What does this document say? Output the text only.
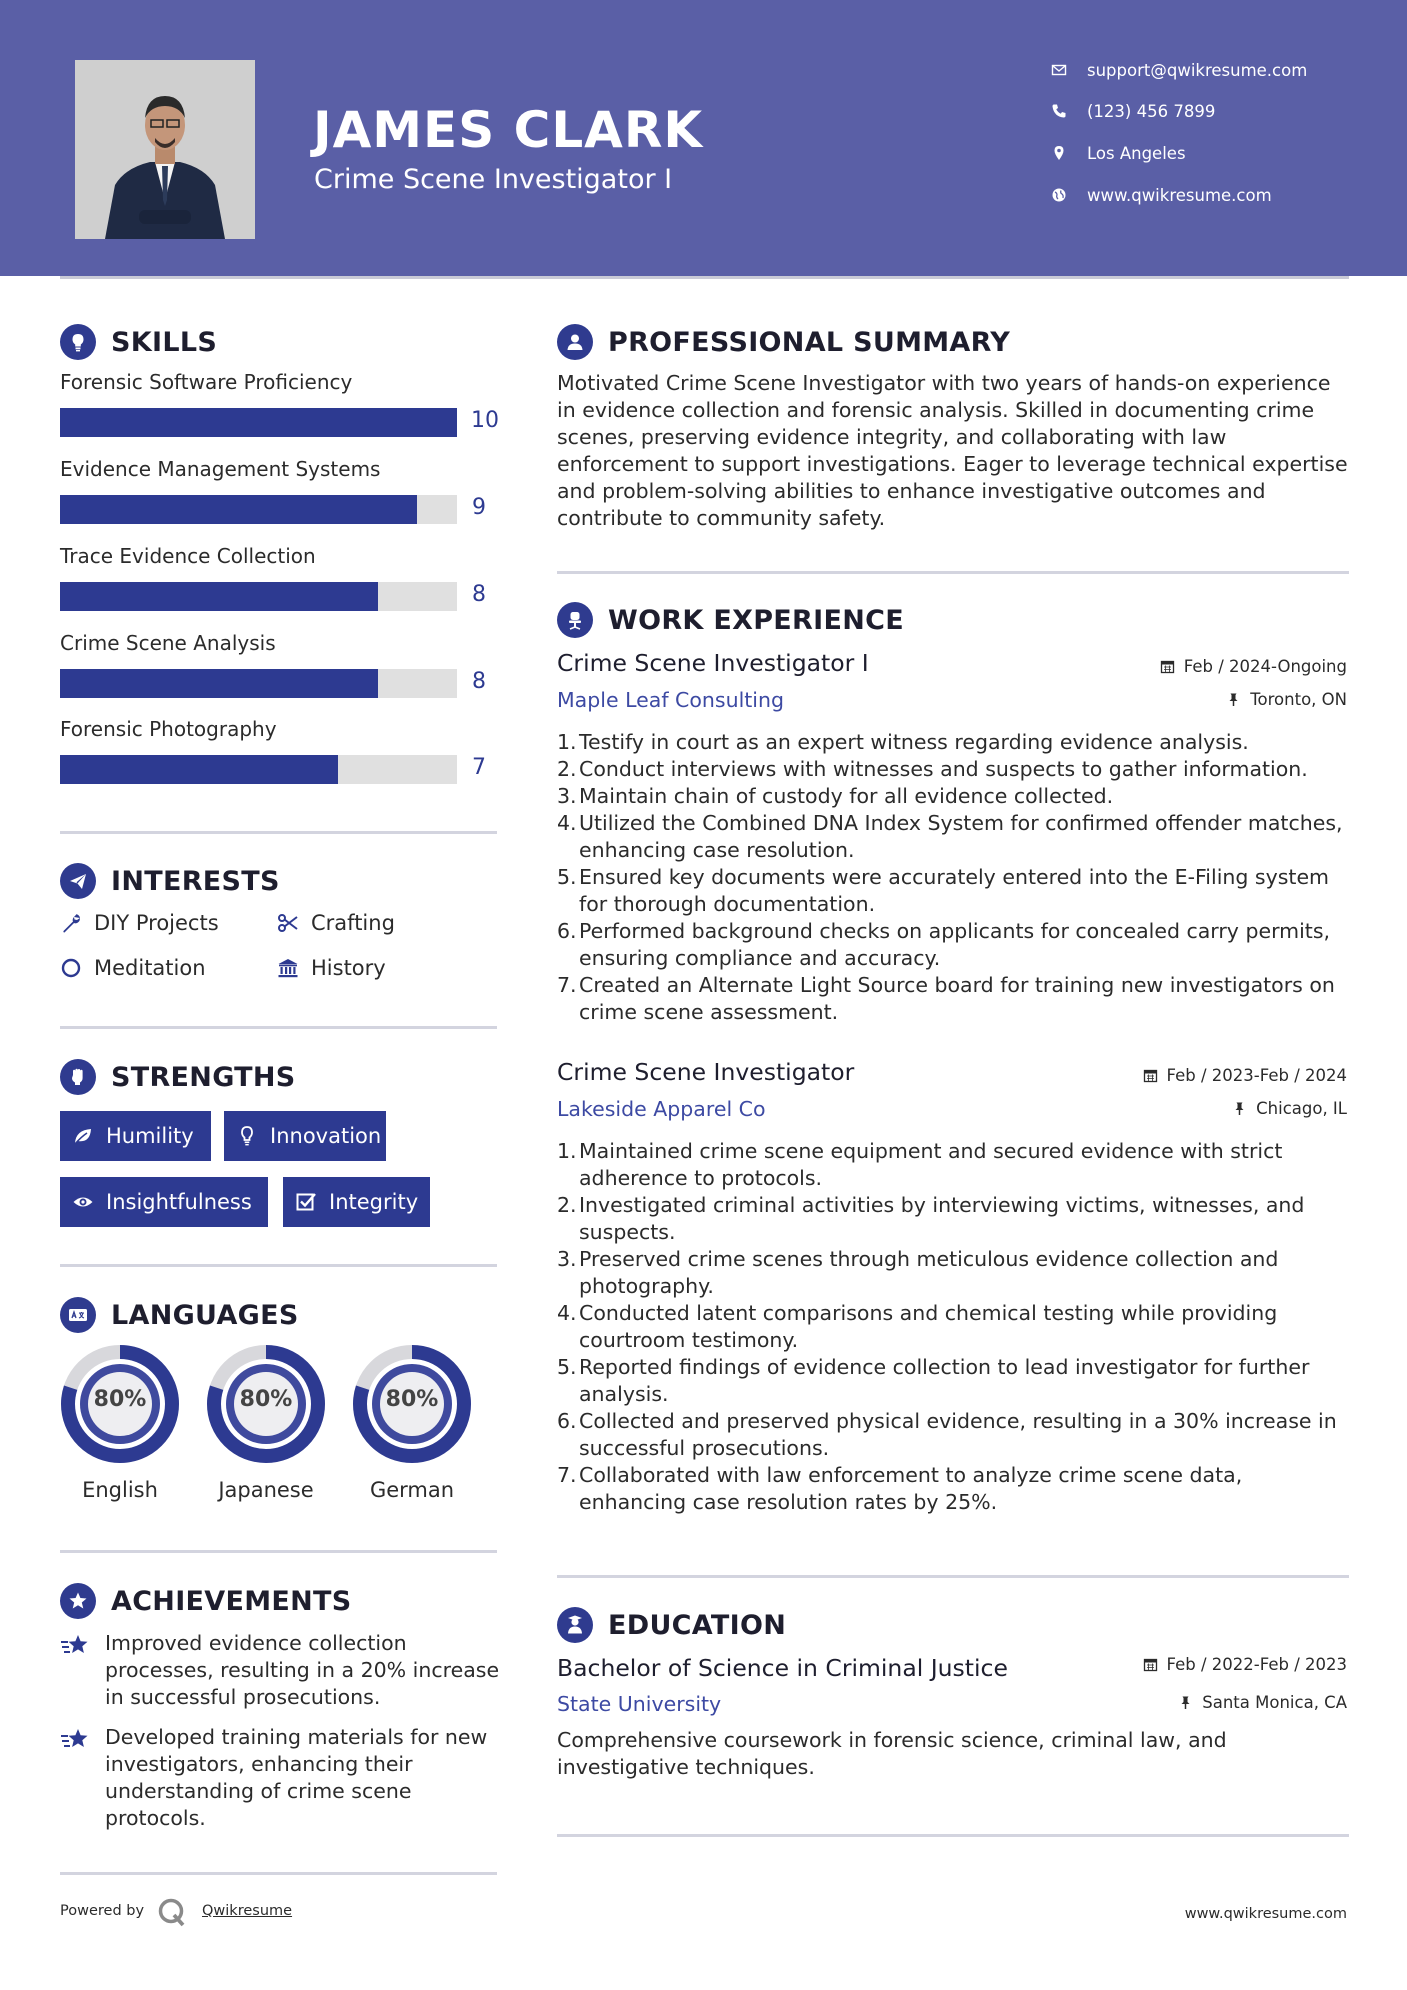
JAMES CLARK
Crime Scene Investigator I
support@qwikresume.com
(123) 456 7899
Los Angeles
www.qwikresume.com
SKILLS
Forensic Software Proficiency
10
Evidence Management Systems
9
Trace Evidence Collection
8
Crime Scene Analysis
8
Forensic Photography
7
INTERESTS
DIY Projects	Crafting
Meditation	History
STRENGTHS
Humility	Innovation
Insightfulness	Integrity
LANGUAGES
80%
English
80%
Japanese
80%
German
ACHIEVEMENTS

Improved evidence collection processes, resulting in a 20% increase in successful prosecutions.

Developed training materials for new investigators, enhancing their understanding of crime scene protocols.

PROFESSIONAL SUMMARY

Motivated Crime Scene Investigator with two years of hands-on experience in evidence collection and forensic analysis. Skilled in documenting crime scenes, preserving evidence integrity, and collaborating with law enforcement to support investigations. Eager to leverage technical expertise and problem-solving abilities to enhance investigative outcomes and contribute to community safety.

WORK EXPERIENCE
Crime Scene Investigator I	Feb / 2024-Ongoing
Maple Leaf Consulting	Toronto, ON
1. Testify in court as an expert witness regarding evidence analysis.
2. Conduct interviews with witnesses and suspects to gather information.
3. Maintain chain of custody for all evidence collected.
4. Utilized the Combined DNA Index System for confirmed offender matches, enhancing case resolution.
5. Ensured key documents were accurately entered into the E-Filing system for thorough documentation.
6. Performed background checks on applicants for concealed carry permits, ensuring compliance and accuracy.
7. Created an Alternate Light Source board for training new investigators on crime scene assessment.
Crime Scene Investigator	Feb / 2023-Feb / 2024
Lakeside Apparel Co	Chicago, IL
1. Maintained crime scene equipment and secured evidence with strict adherence to protocols.
2. Investigated criminal activities by interviewing victims, witnesses, and suspects.
3. Preserved crime scenes through meticulous evidence collection and photography.
4. Conducted latent comparisons and chemical testing while providing courtroom testimony.
5. Reported findings of evidence collection to lead investigator for further analysis.
6. Collected and preserved physical evidence, resulting in a 30% increase in successful prosecutions.
7. Collaborated with law enforcement to analyze crime scene data, enhancing case resolution rates by 25%.
EDUCATION
Bachelor of Science in Criminal Justice	Feb / 2022-Feb / 2023
State University	Santa Monica, CA

Comprehensive coursework in forensic science, criminal law, and investigative techniques.

Powered by	Qwikresume	www.qwikresume.com
